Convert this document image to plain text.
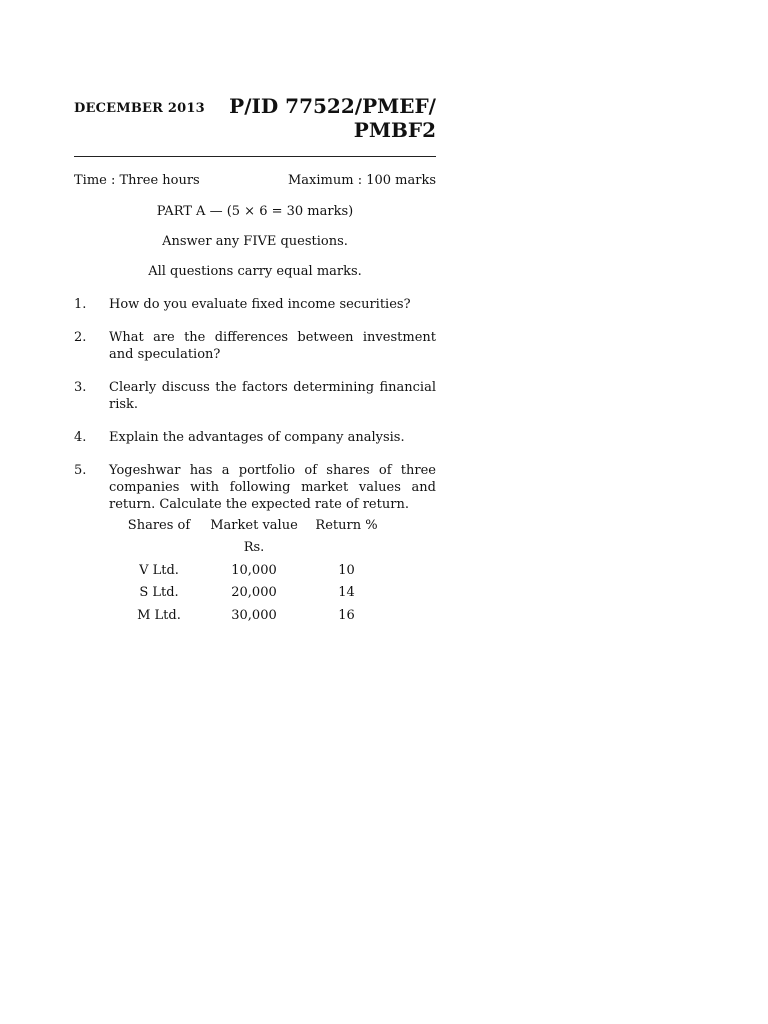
DECEMBER 2013	P/ID 77522/PMEF/
PMBF2
Time : Three hours	Maximum : 100 marks
PART A — (5 × 6 = 30 marks)
Answer any FIVE questions.
All questions carry equal marks.
1.	How do you evaluate fixed income securities?
2.	What are the differences between investment and speculation?
3.	Clearly discuss the factors determining financial risk.
4.	Explain the advantages of company analysis.
5.	Yogeshwar has a portfolio of shares of three companies with following market values and return. Calculate the expected rate of return.
Shares of	Market value	Return %
	Rs.	
V Ltd.	10,000	10
S Ltd.	20,000	14
M Ltd.	30,000	16
